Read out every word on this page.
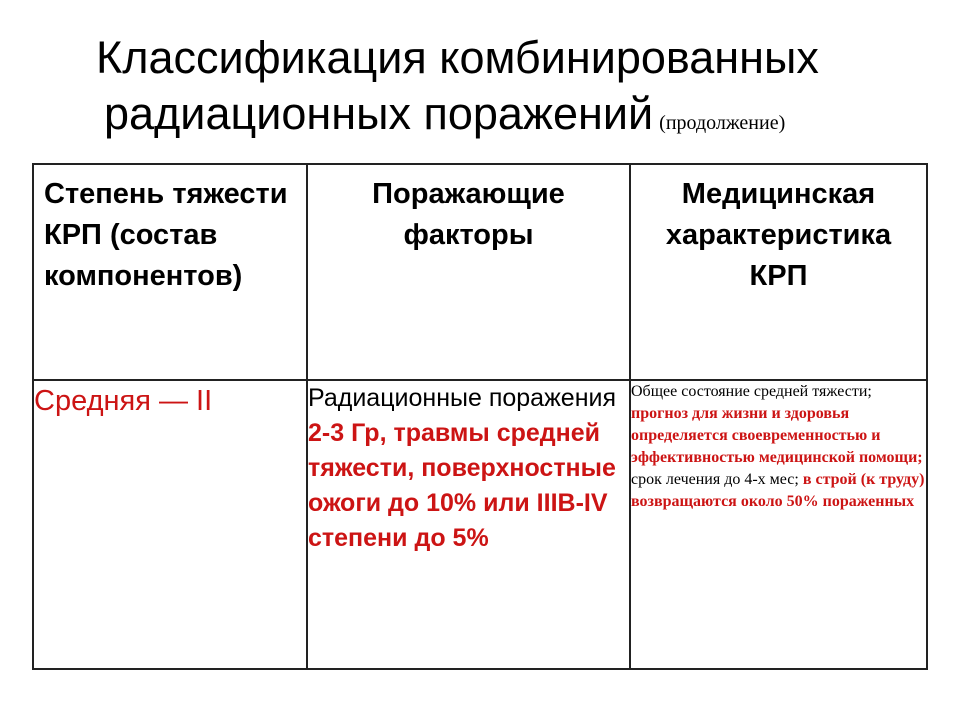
Классификация комбинированных
радиационных поражений (продолжение)
Степень тяжести КРП (состав компонентов)	Поражающие факторы	Медицинская характеристика КРП
Средняя — II	Радиационные поражения 2-3 Гр, травмы средней тяжести, поверхностные ожоги до 10% или IIIB-IV степени до 5%	Общее состояние средней тяжести; прогноз для жизни и здоровья определяется своевременностью и эффективностью медицинской помощи; срок лечения до 4-х мес; в строй (к труду) возвращаются около 50% пораженных
